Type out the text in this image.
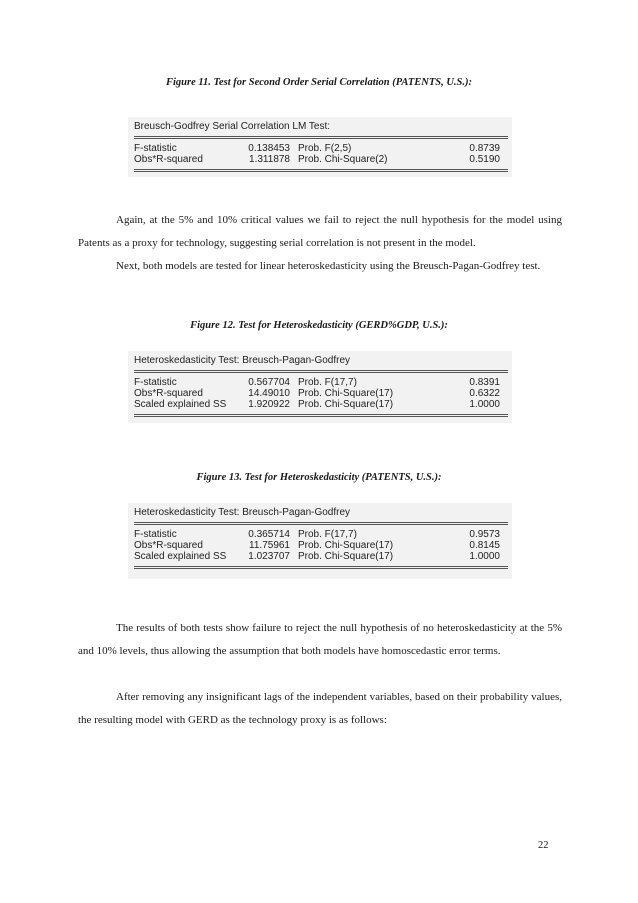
Figure 11. Test for Second Order Serial Correlation (PATENTS, U.S.):
Breusch-Godfrey Serial Correlation LM Test:
F-statistic	0.138453 Prob. F(2,5)	0.8739
Obs*R-squared	1.311878 Prob. Chi-Square(2)	0.5190
Again, at the 5% and 10% critical values we fail to reject the null hypothesis for the model using Patents as a proxy for technology, suggesting serial correlation is not present in the model.
Next, both models are tested for linear heteroskedasticity using the Breusch-Pagan-Godfrey test.
Figure 12. Test for Heteroskedasticity (GERD%GDP, U.S.):
Heteroskedasticity Test: Breusch-Pagan-Godfrey
F-statistic	0.567704 Prob. F(17,7)	0.8391
Obs*R-squared	14.49010 Prob. Chi-Square(17)	0.6322
Scaled explained SS	1.920922 Prob. Chi-Square(17)	1.0000
Figure 13. Test for Heteroskedasticity (PATENTS, U.S.):
Heteroskedasticity Test: Breusch-Pagan-Godfrey
F-statistic	0.365714 Prob. F(17,7)	0.9573
Obs*R-squared	11.75961 Prob. Chi-Square(17)	0.8145
Scaled explained SS	1.023707 Prob. Chi-Square(17)	1.0000
The results of both tests show failure to reject the null hypothesis of no heteroskedasticity at the 5% and 10% levels, thus allowing the assumption that both models have homoscedastic error terms.
After removing any insignificant lags of the independent variables, based on their probability values, the resulting model with GERD as the technology proxy is as follows:
22
